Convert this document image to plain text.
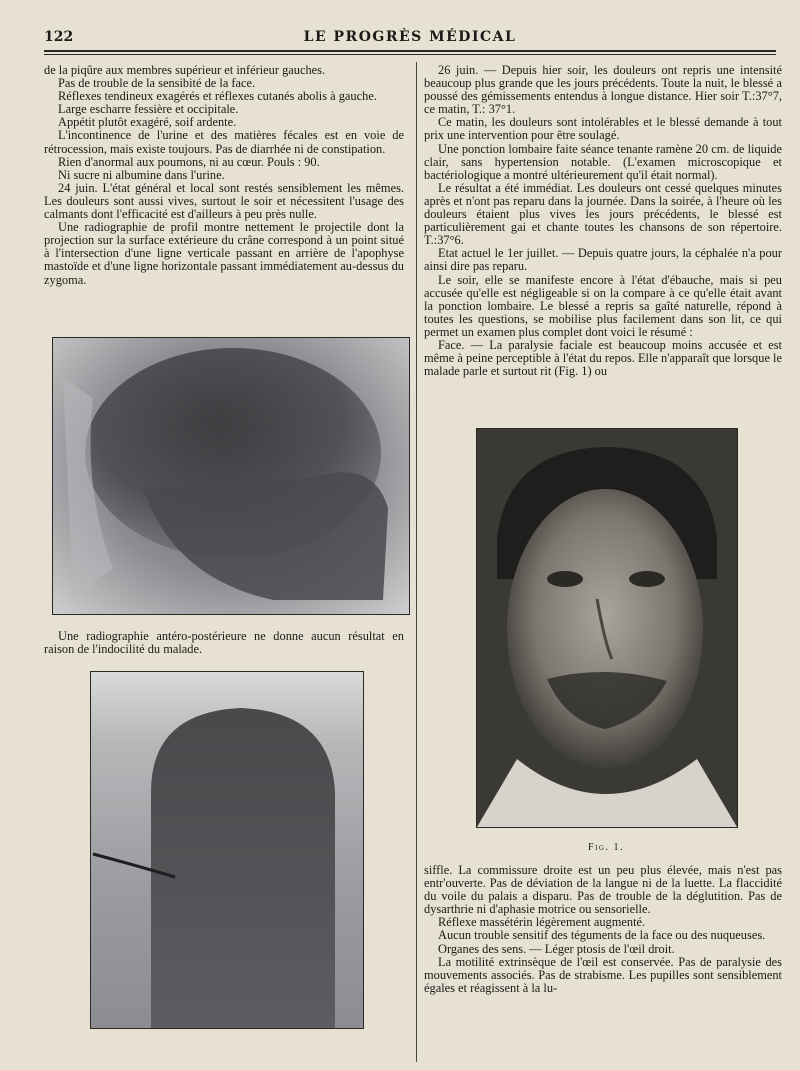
122	LE PROGRÈS MÉDICAL

de la piqûre aux membres supérieur et inférieur gauches.

Pas de trouble de la sensibité de la face.

Réflexes tendineux exagérés et réflexes cutanés abolis à gauche.

Large escharre fessière et occipitale.

Appétit plutôt exagéré, soif ardente.

L'incontinence de l'urine et des matières fécales est en voie de rétrocession, mais existe toujours. Pas de diarrhée ni de constipation.

Rien d'anormal aux poumons, ni au cœur. Pouls : 90.

Ni sucre ni albumine dans l'urine.

24 juin. L'état général et local sont restés sensiblement les mêmes. Les douleurs sont aussi vives, surtout le soir et nécessitent l'usage des calmants dont l'efficacité est d'ailleurs à peu près nulle.

Une radiographie de profil montre nettement le projectile dont la projection sur la surface extérieure du crâne correspond à un point situé à l'intersection d'une ligne verticale passant en arrière de l'apophyse mastoïde et d'une ligne horizontale passant immédiatement au-dessus du zygoma.

Une radiographie antéro-postérieure ne donne aucun résultat en raison de l'indocilité du malade.

26 juin. — Depuis hier soir, les douleurs ont repris une intensité beaucoup plus grande que les jours précédents. Toute la nuit, le blessé a poussé des gémissements entendus à longue distance. Hier soir T.:37°7, ce matin, T.: 37°1.

Ce matin, les douleurs sont intolérables et le blessé demande à tout prix une intervention pour être soulagé.

Une ponction lombaire faite séance tenante ramène 20 cm. de liquide clair, sans hypertension notable. (L'examen microscopique et bactériologique a montré ultérieurement qu'il était normal).

Le résultat a été immédiat. Les douleurs ont cessé quelques minutes après et n'ont pas reparu dans la journée. Dans la soirée, à l'heure où les douleurs étaient plus vives les jours précédents, le blessé est particulièrement gai et chante toutes les chansons de son répertoire. T.:37°6.

Etat actuel le 1er juillet. — Depuis quatre jours, la céphalée n'a pour ainsi dire pas reparu.

Le soir, elle se manifeste encore à l'état d'ébauche, mais si peu accusée qu'elle est négligeable si on la compare à ce qu'elle était avant la ponction lombaire. Le blessé a repris sa gaîté naturelle, répond à toutes les questions, se mobilise plus facilement dans son lit, ce qui permet un examen plus complet dont voici le résumé :

Face. — La paralysie faciale est beaucoup moins accusée et est même à peine perceptible à l'état du repos. Elle n'apparaît que lorsque le malade parle et surtout rit (Fig. 1) ou

Fig. 1.

siffle. La commissure droite est un peu plus élevée, mais n'est pas entr'ouverte. Pas de déviation de la langue ni de la luette. La flaccidité du voile du palais a disparu. Pas de trouble de la déglutition. Pas de dysarthrie ni d'aphasie motrice ou sensorielle.

Réflexe massétérin légèrement augmenté.

Aucun trouble sensitif des téguments de la face ou des nuqueuses.

Organes des sens. — Léger ptosis de l'œil droit.

La motilité extrinsèque de l'œil est conservée. Pas de paralysie des mouvements associés. Pas de strabisme. Les pupilles sont sensiblement égales et réagissent à la lu-
